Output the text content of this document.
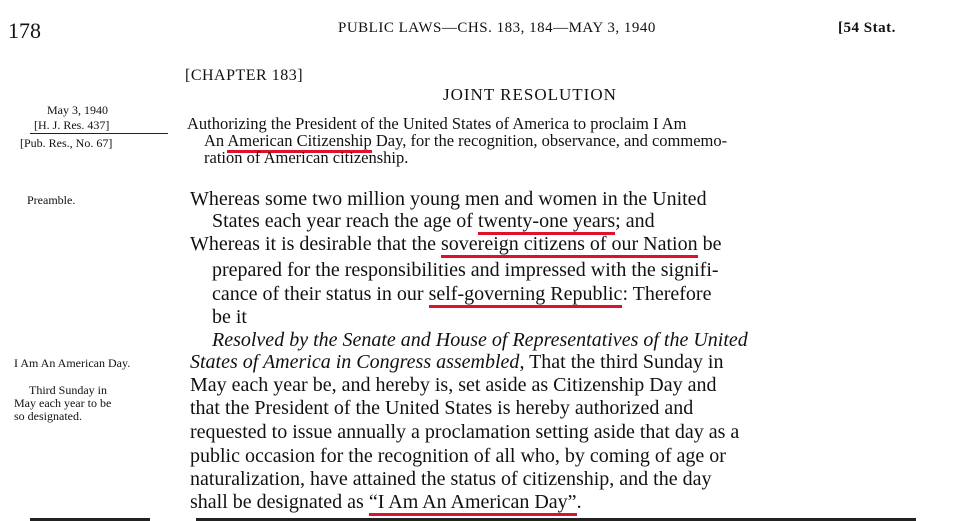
178	PUBLIC LAWS—CHS. 183, 184—MAY 3, 1940	[54 Stat.
[CHAPTER 183]
JOINT RESOLUTION
May 3, 1940
[H. J. Res. 437]
[Pub. Res., No. 67]
Preamble.
I Am An American Day.
Third Sunday in
May each year to be
so designated.
Authorizing the President of the United States of America to proclaim I Am
An American Citizenship Day, for the recognition, observance, and commemo-
ration of American citizenship.
Whereas some two million young men and women in the United
States each year reach the age of twenty-one years; and
Whereas it is desirable that the sovereign citizens of our Nation be
prepared for the responsibilities and impressed with the signifi-
cance of their status in our self-governing Republic: Therefore
be it
Resolved by the Senate and House of Representatives of the United
States of America in Congress assembled, That the third Sunday in
May each year be, and hereby is, set aside as Citizenship Day and
that the President of the United States is hereby authorized and
requested to issue annually a proclamation setting aside that day as a
public occasion for the recognition of all who, by coming of age or
naturalization, have attained the status of citizenship, and the day
shall be designated as “I Am An American Day”.
